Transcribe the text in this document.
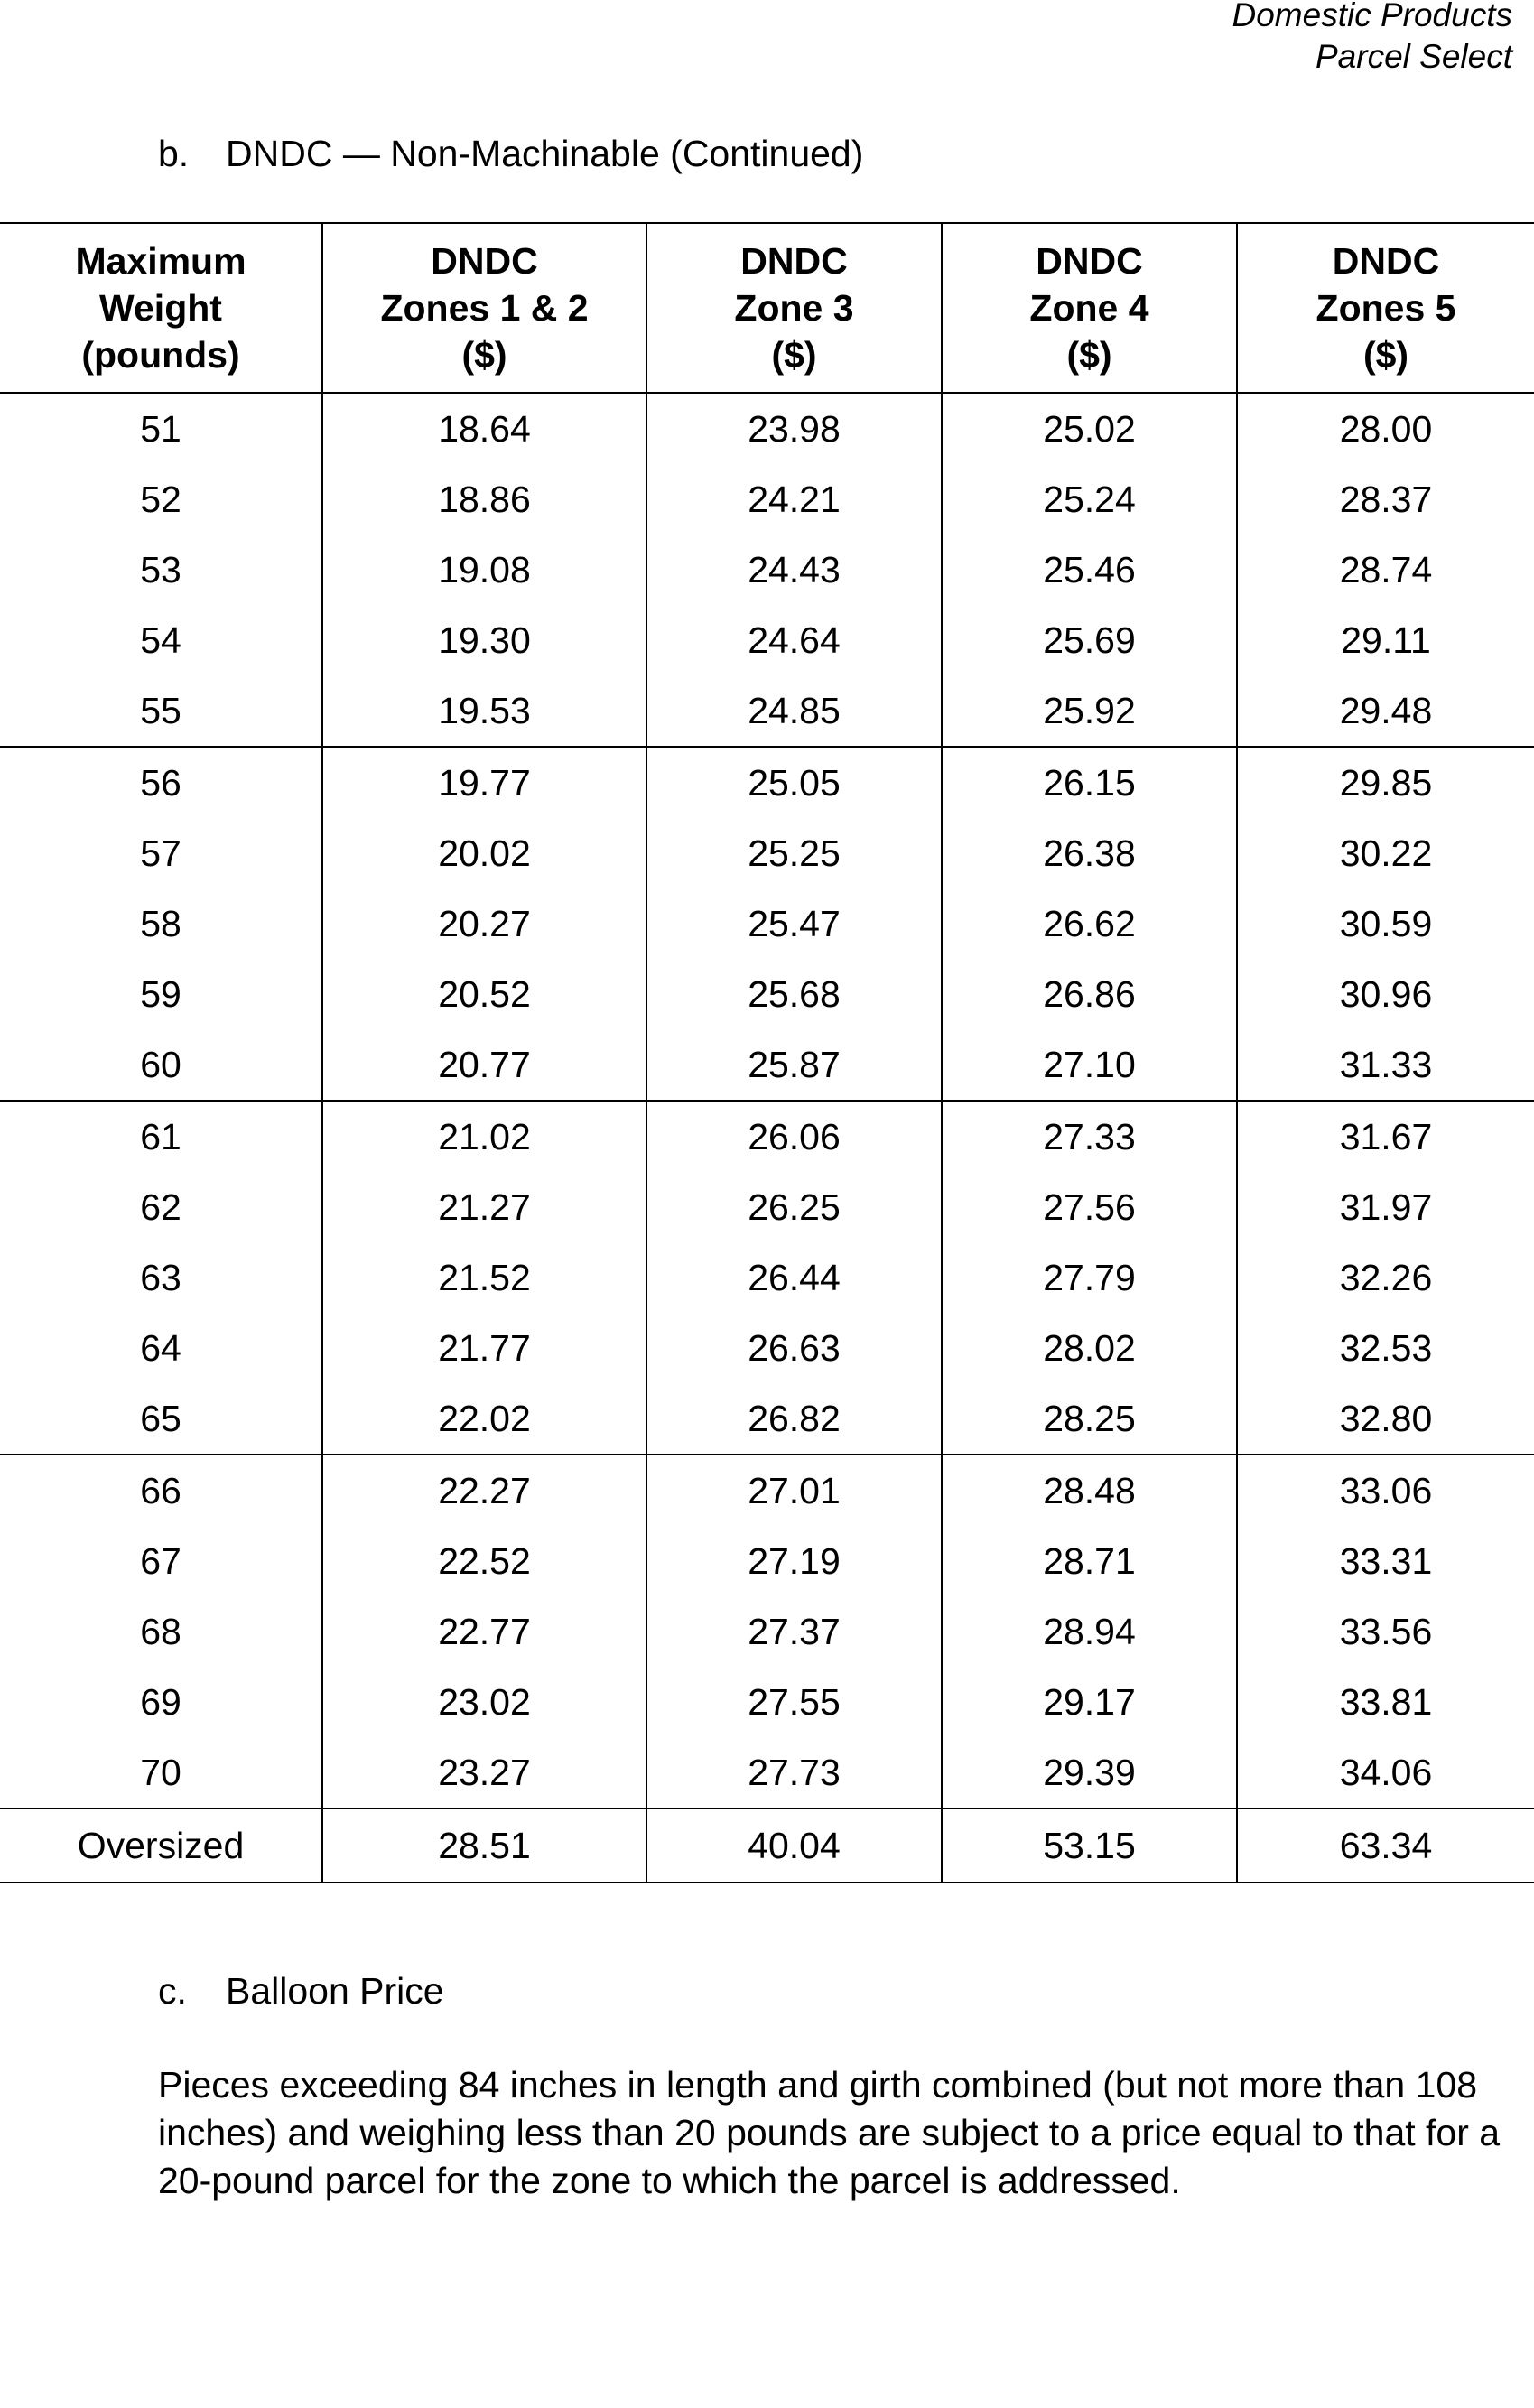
Domestic Products
Parcel Select
b. DNDC — Non-Machinable (Continued)
Maximum
Weight
(pounds)	DNDC
Zones 1 & 2
($)	DNDC
Zone 3
($)	DNDC
Zone 4
($)	DNDC
Zones 5
($)

51	18.64	23.98	25.02	28.00
52	18.86	24.21	25.24	28.37
53	19.08	24.43	25.46	28.74
54	19.30	24.64	25.69	29.11
55	19.53	24.85	25.92	29.48
56	19.77	25.05	26.15	29.85
57	20.02	25.25	26.38	30.22
58	20.27	25.47	26.62	30.59
59	20.52	25.68	26.86	30.96
60	20.77	25.87	27.10	31.33
61	21.02	26.06	27.33	31.67
62	21.27	26.25	27.56	31.97
63	21.52	26.44	27.79	32.26
64	21.77	26.63	28.02	32.53
65	22.02	26.82	28.25	32.80
66	22.27	27.01	28.48	33.06
67	22.52	27.19	28.71	33.31
68	22.77	27.37	28.94	33.56
69	23.02	27.55	29.17	33.81
70	23.27	27.73	29.39	34.06
Oversized	28.51	40.04	53.15	63.34
c. Balloon Price

Pieces exceeding 84 inches in length and girth combined (but not more than 108 inches) and weighing less than 20 pounds are subject to a price equal to that for a 20-pound parcel for the zone to which the parcel is addressed.
